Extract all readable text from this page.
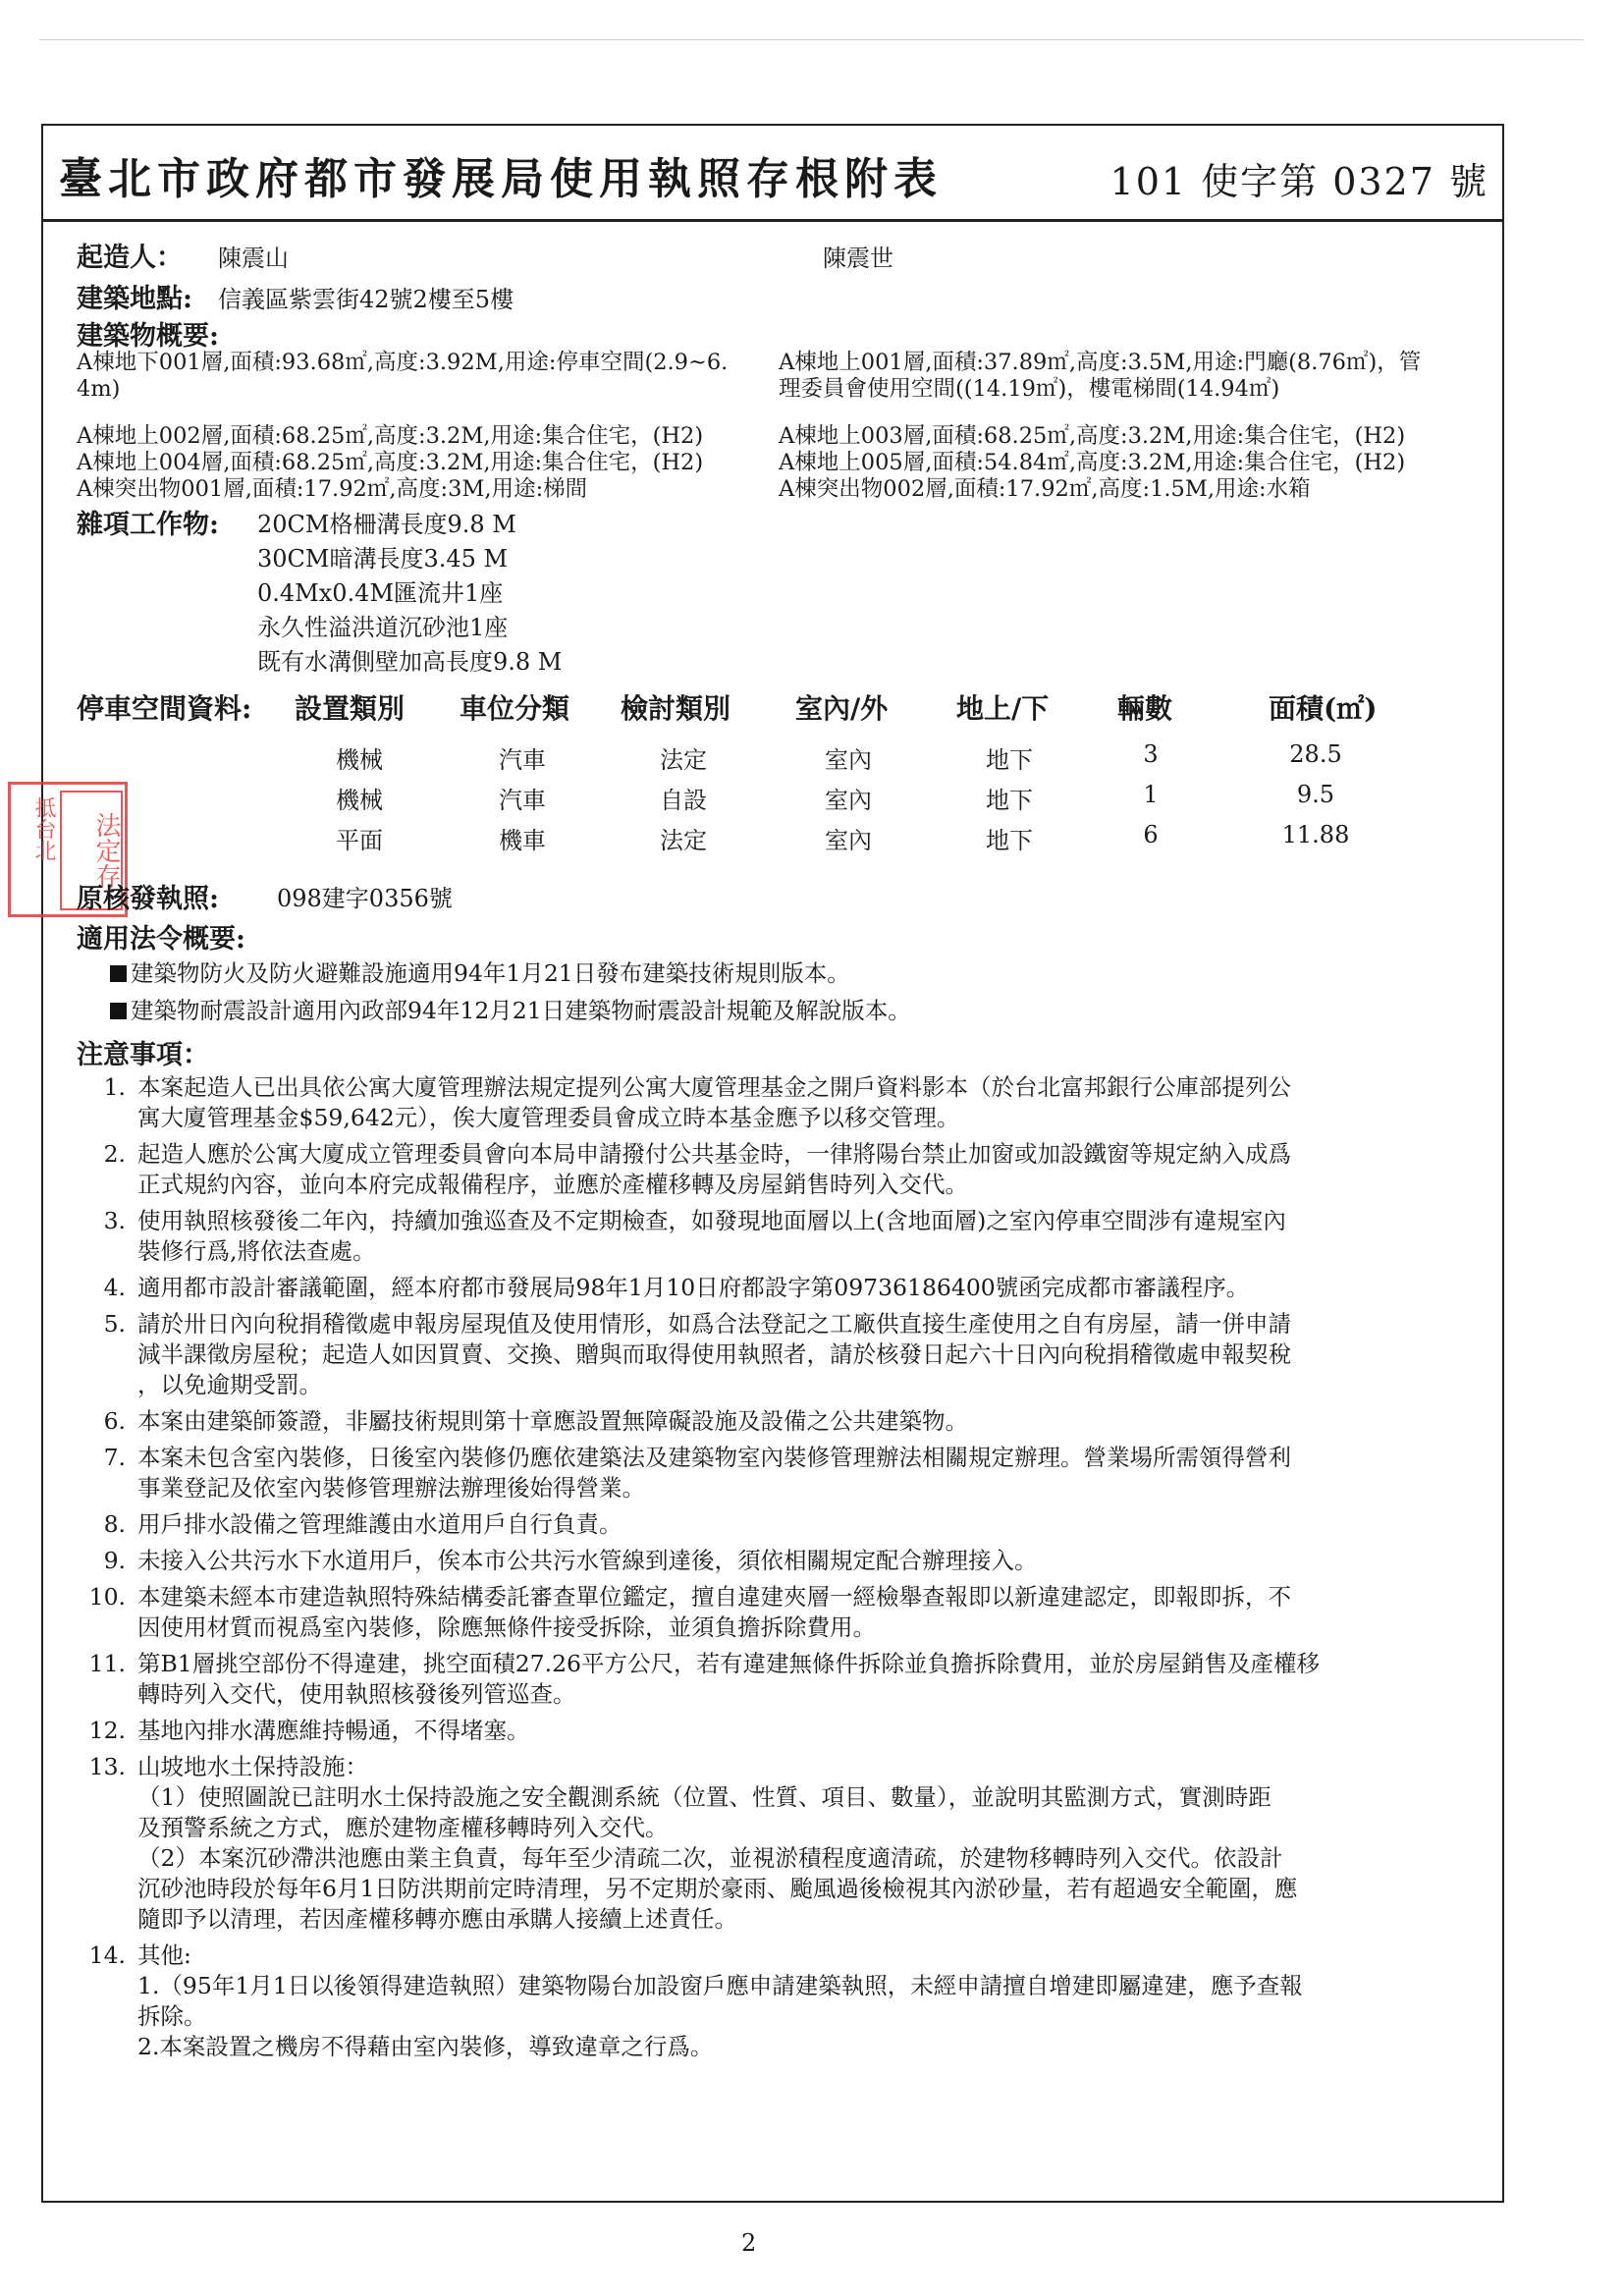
臺北市政府都市發展局使用執照存根附表	101 使字第 0327 號
起造人： 陳震山	陳震世
建築地點: 信義區紫雲街42號2樓至5樓
建築物概要:
A棟地下001層,面積:93.68㎡,高度:3.92M,用途:停車空間(2.9~6.
4m)
A棟地上002層,面積:68.25㎡,高度:3.2M,用途:集合住宅，(H2)
A棟地上004層,面積:68.25㎡,高度:3.2M,用途:集合住宅，(H2)
A棟突出物001層,面積:17.92㎡,高度:3M,用途:梯間
A棟地上001層,面積:37.89㎡,高度:3.5M,用途:門廳(8.76㎡)，管
理委員會使用空間((14.19㎡)，樓電梯間(14.94㎡)
A棟地上003層,面積:68.25㎡,高度:3.2M,用途:集合住宅，(H2)
A棟地上005層,面積:54.84㎡,高度:3.2M,用途:集合住宅，(H2)
A棟突出物002層,面積:17.92㎡,高度:1.5M,用途:水箱
雜項工作物: 20CM格柵溝長度9.8 M
30CM暗溝長度3.45 M
0.4Mx0.4M匯流井1座
永久性溢洪道沉砂池1座
既有水溝側壁加高長度9.8 M
停車空間資料: 設置類別 車位分類 檢討類別 室內/外 地上/下 輛數	面積(㎡)
機械	汽車	法定	室內	地下	3	28.5
機械	汽車	自設	室內	地下	1	9.5
平面	機車	法定	室內	地下	6	11.88
抵台北	法定存
原核發執照: 098建字0356號
適用法令概要:
建築物防火及防火避難設施適用94年1月21日發布建築技術規則版本。
建築物耐震設計適用內政部94年12月21日建築物耐震設計規範及解說版本。
注意事項：
1. 本案起造人已出具依公寓大廈管理辦法規定提列公寓大廈管理基金之開戶資料影本（於台北富邦銀行公庫部提列公
寓大廈管理基金$59,642元），俟大廈管理委員會成立時本基金應予以移交管理。
2. 起造人應於公寓大廈成立管理委員會向本局申請撥付公共基金時，一律將陽台禁止加窗或加設鐵窗等規定納入成爲
正式規約內容，並向本府完成報備程序，並應於產權移轉及房屋銷售時列入交代。
3. 使用執照核發後二年內，持續加強巡查及不定期檢查，如發現地面層以上(含地面層)之室內停車空間涉有違規室內
裝修行爲,將依法查處。
4. 適用都市設計審議範圍，經本府都市發展局98年1月10日府都設字第09736186400號函完成都市審議程序。
5. 請於卅日內向稅捐稽徵處申報房屋現值及使用情形，如爲合法登記之工廠供直接生產使用之自有房屋，請一併申請
減半課徵房屋稅；起造人如因買賣、交換、贈與而取得使用執照者，請於核發日起六十日內向稅捐稽徵處申報契稅
，以免逾期受罰。
6. 本案由建築師簽證，非屬技術規則第十章應設置無障礙設施及設備之公共建築物。
7. 本案未包含室內裝修，日後室內裝修仍應依建築法及建築物室內裝修管理辦法相關規定辦理。營業場所需領得營利
事業登記及依室內裝修管理辦法辦理後始得營業。
8. 用戶排水設備之管理維護由水道用戶自行負責。
9. 未接入公共污水下水道用戶，俟本市公共污水管線到達後，須依相關規定配合辦理接入。
10. 本建築未經本市建造執照特殊結構委託審查單位鑑定，擅自違建夾層一經檢舉查報即以新違建認定，即報即拆，不
因使用材質而視爲室內裝修，除應無條件接受拆除，並須負擔拆除費用。
11. 第B1層挑空部份不得違建，挑空面積27.26平方公尺，若有違建無條件拆除並負擔拆除費用，並於房屋銷售及產權移
轉時列入交代，使用執照核發後列管巡查。
12. 基地內排水溝應維持暢通，不得堵塞。
13. 山坡地水土保持設施：
（1）使照圖說已註明水土保持設施之安全觀測系統（位置、性質、項目、數量），並說明其監測方式，實測時距
及預警系統之方式，應於建物產權移轉時列入交代。
（2）本案沉砂滯洪池應由業主負責，每年至少清疏二次，並視淤積程度適清疏，於建物移轉時列入交代。依設計
沉砂池時段於每年6月1日防洪期前定時清理，另不定期於豪雨、颱風過後檢視其內淤砂量，若有超過安全範圍，應
隨即予以清理，若因產權移轉亦應由承購人接續上述責任。
14. 其他:
1.（95年1月1日以後領得建造執照）建築物陽台加設窗戶應申請建築執照，未經申請擅自增建即屬違建，應予查報
拆除。
2.本案設置之機房不得藉由室內裝修，導致違章之行爲。
2
